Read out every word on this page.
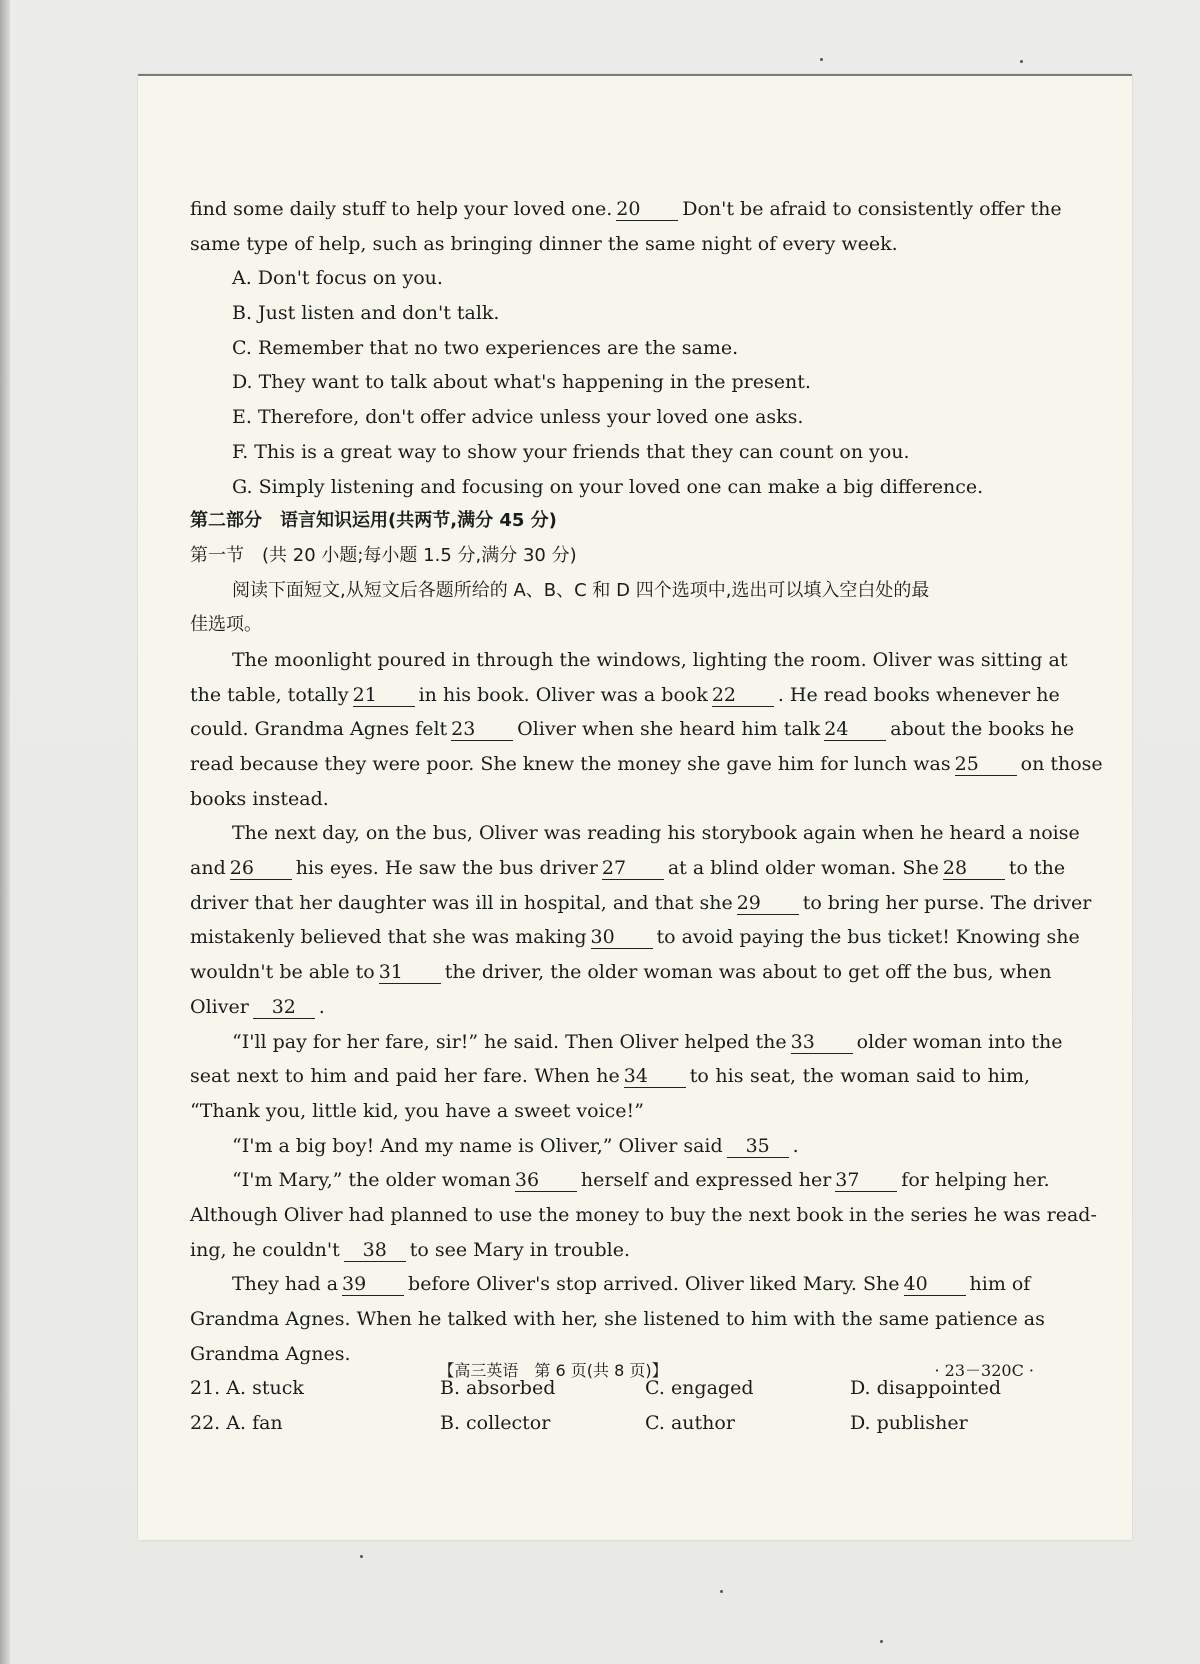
find some daily stuff to help your loved one. 20 Don't be afraid to consistently offer the
same type of help, such as bringing dinner the same night of every week.
A. Don't focus on you.
B. Just listen and don't talk.
C. Remember that no two experiences are the same.
D. They want to talk about what's happening in the present.
E. Therefore, don't offer advice unless your loved one asks.
F. This is a great way to show your friends that they can count on you.
G. Simply listening and focusing on your loved one can make a big difference.
第二部分　语言知识运用(共两节,满分 45 分)
第一节　(共 20 小题;每小题 1.5 分,满分 30 分)
阅读下面短文,从短文后各题所给的 A、B、C 和 D 四个选项中,选出可以填入空白处的最
佳选项。
The moonlight poured in through the windows, lighting the room. Oliver was sitting at
the table, totally 21 in his book. Oliver was a book 22 . He read books whenever he
could. Grandma Agnes felt 23 Oliver when she heard him talk 24 about the books he
read because they were poor. She knew the money she gave him for lunch was 25 on those
books instead.
The next day, on the bus, Oliver was reading his storybook again when he heard a noise
and 26 his eyes. He saw the bus driver 27 at a blind older woman. She 28 to the
driver that her daughter was ill in hospital, and that she 29 to bring her purse. The driver
mistakenly believed that she was making 30 to avoid paying the bus ticket! Knowing she
wouldn't be able to 31 the driver, the older woman was about to get off the bus, when
Oliver 32 .
“I'll pay for her fare, sir!” he said. Then Oliver helped the 33 older woman into the
seat next to him and paid her fare. When he 34 to his seat, the woman said to him,
“Thank you, little kid, you have a sweet voice!”
“I'm a big boy! And my name is Oliver,” Oliver said 35 .
“I'm Mary,” the older woman 36 herself and expressed her 37 for helping her.
Although Oliver had planned to use the money to buy the next book in the series he was read-
ing, he couldn't 38 to see Mary in trouble.
They had a 39 before Oliver's stop arrived. Oliver liked Mary. She 40 him of
Grandma Agnes. When he talked with her, she listened to him with the same patience as
Grandma Agnes.
21. A. stuck	B. absorbed	C. engaged	D. disappointed
22. A. fan	B. collector	C. author	D. publisher
【高三英语　第 6 页(共 8 页)】	· 23－320C ·
